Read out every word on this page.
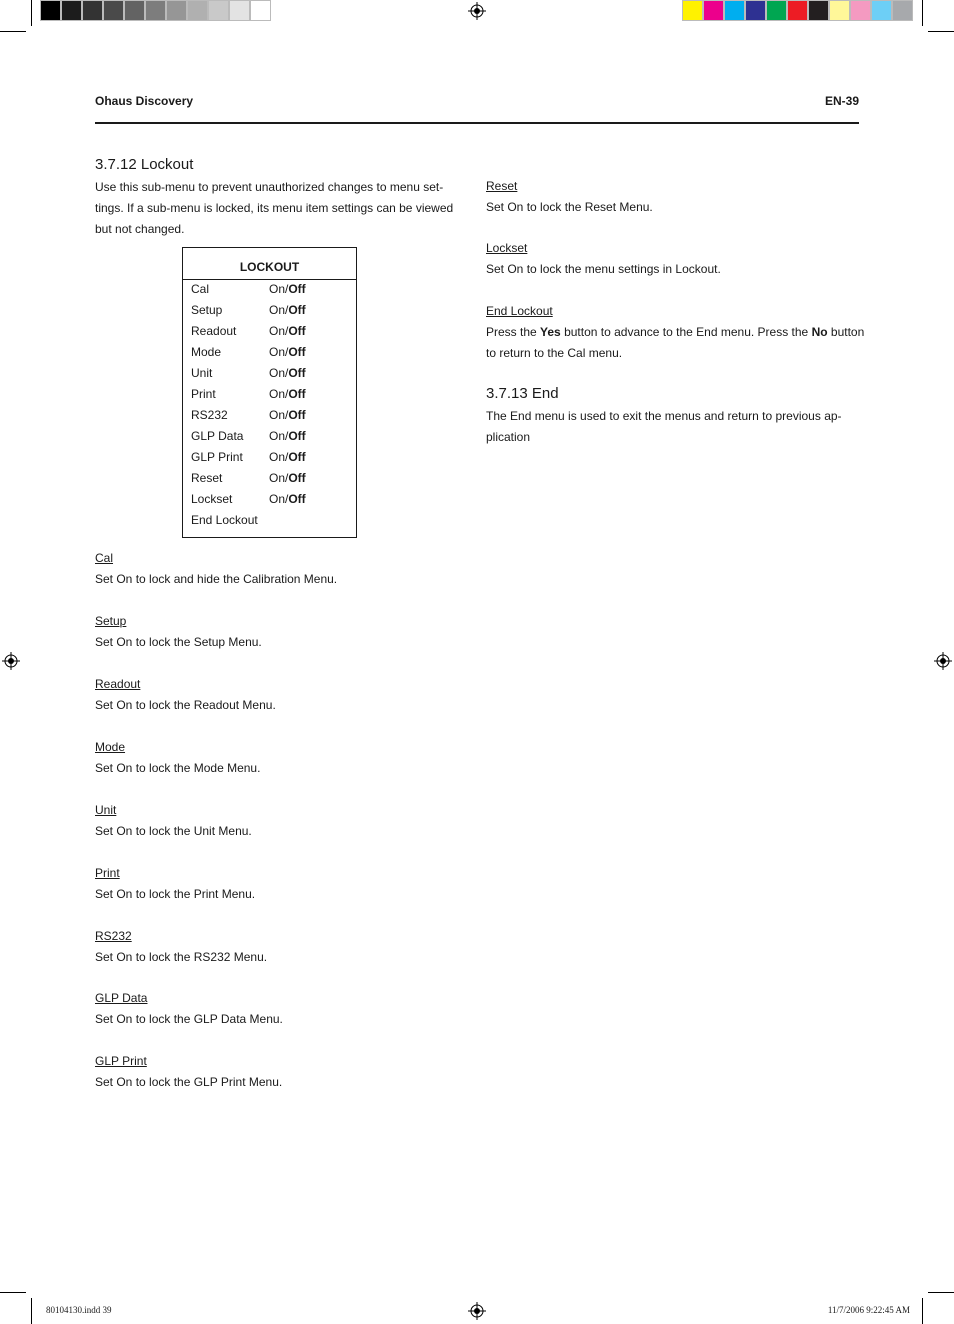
Ohaus Discovery	EN-39
3.7.12 Lockout
Use this sub-menu to prevent unauthorized changes to menu set-
tings. If a sub-menu is locked, its menu item settings can be viewed
but not changed.
LOCKOUT
Cal	On/Off
Setup	On/Off
Readout	On/Off
Mode	On/Off
Unit	On/Off
Print	On/Off
RS232	On/Off
GLP Data On/Off
GLP Print On/Off
Reset	On/Off
Lockset	On/Off
End Lockout
Cal
Set On to lock and hide the Calibration Menu.
Setup
Set On to lock the Setup Menu.
Readout
Set On to lock the Readout Menu.
Mode
Set On to lock the Mode Menu.
Unit
Set On to lock the Unit Menu.
Print
Set On to lock the Print Menu.
RS232
Set On to lock the RS232 Menu.
GLP Data
Set On to lock the GLP Data Menu.
GLP Print
Set On to lock the GLP Print Menu.
Reset
Set On to lock the Reset Menu.
Lockset
Set On to lock the menu settings in Lockout.
End Lockout
Press the Yes button to advance to the End menu. Press the No button
to return to the Cal menu.
3.7.13 End
The End menu is used to exit the menus and return to previous ap-
plication
80104130.indd 39	11/7/2006 9:22:45 AM
